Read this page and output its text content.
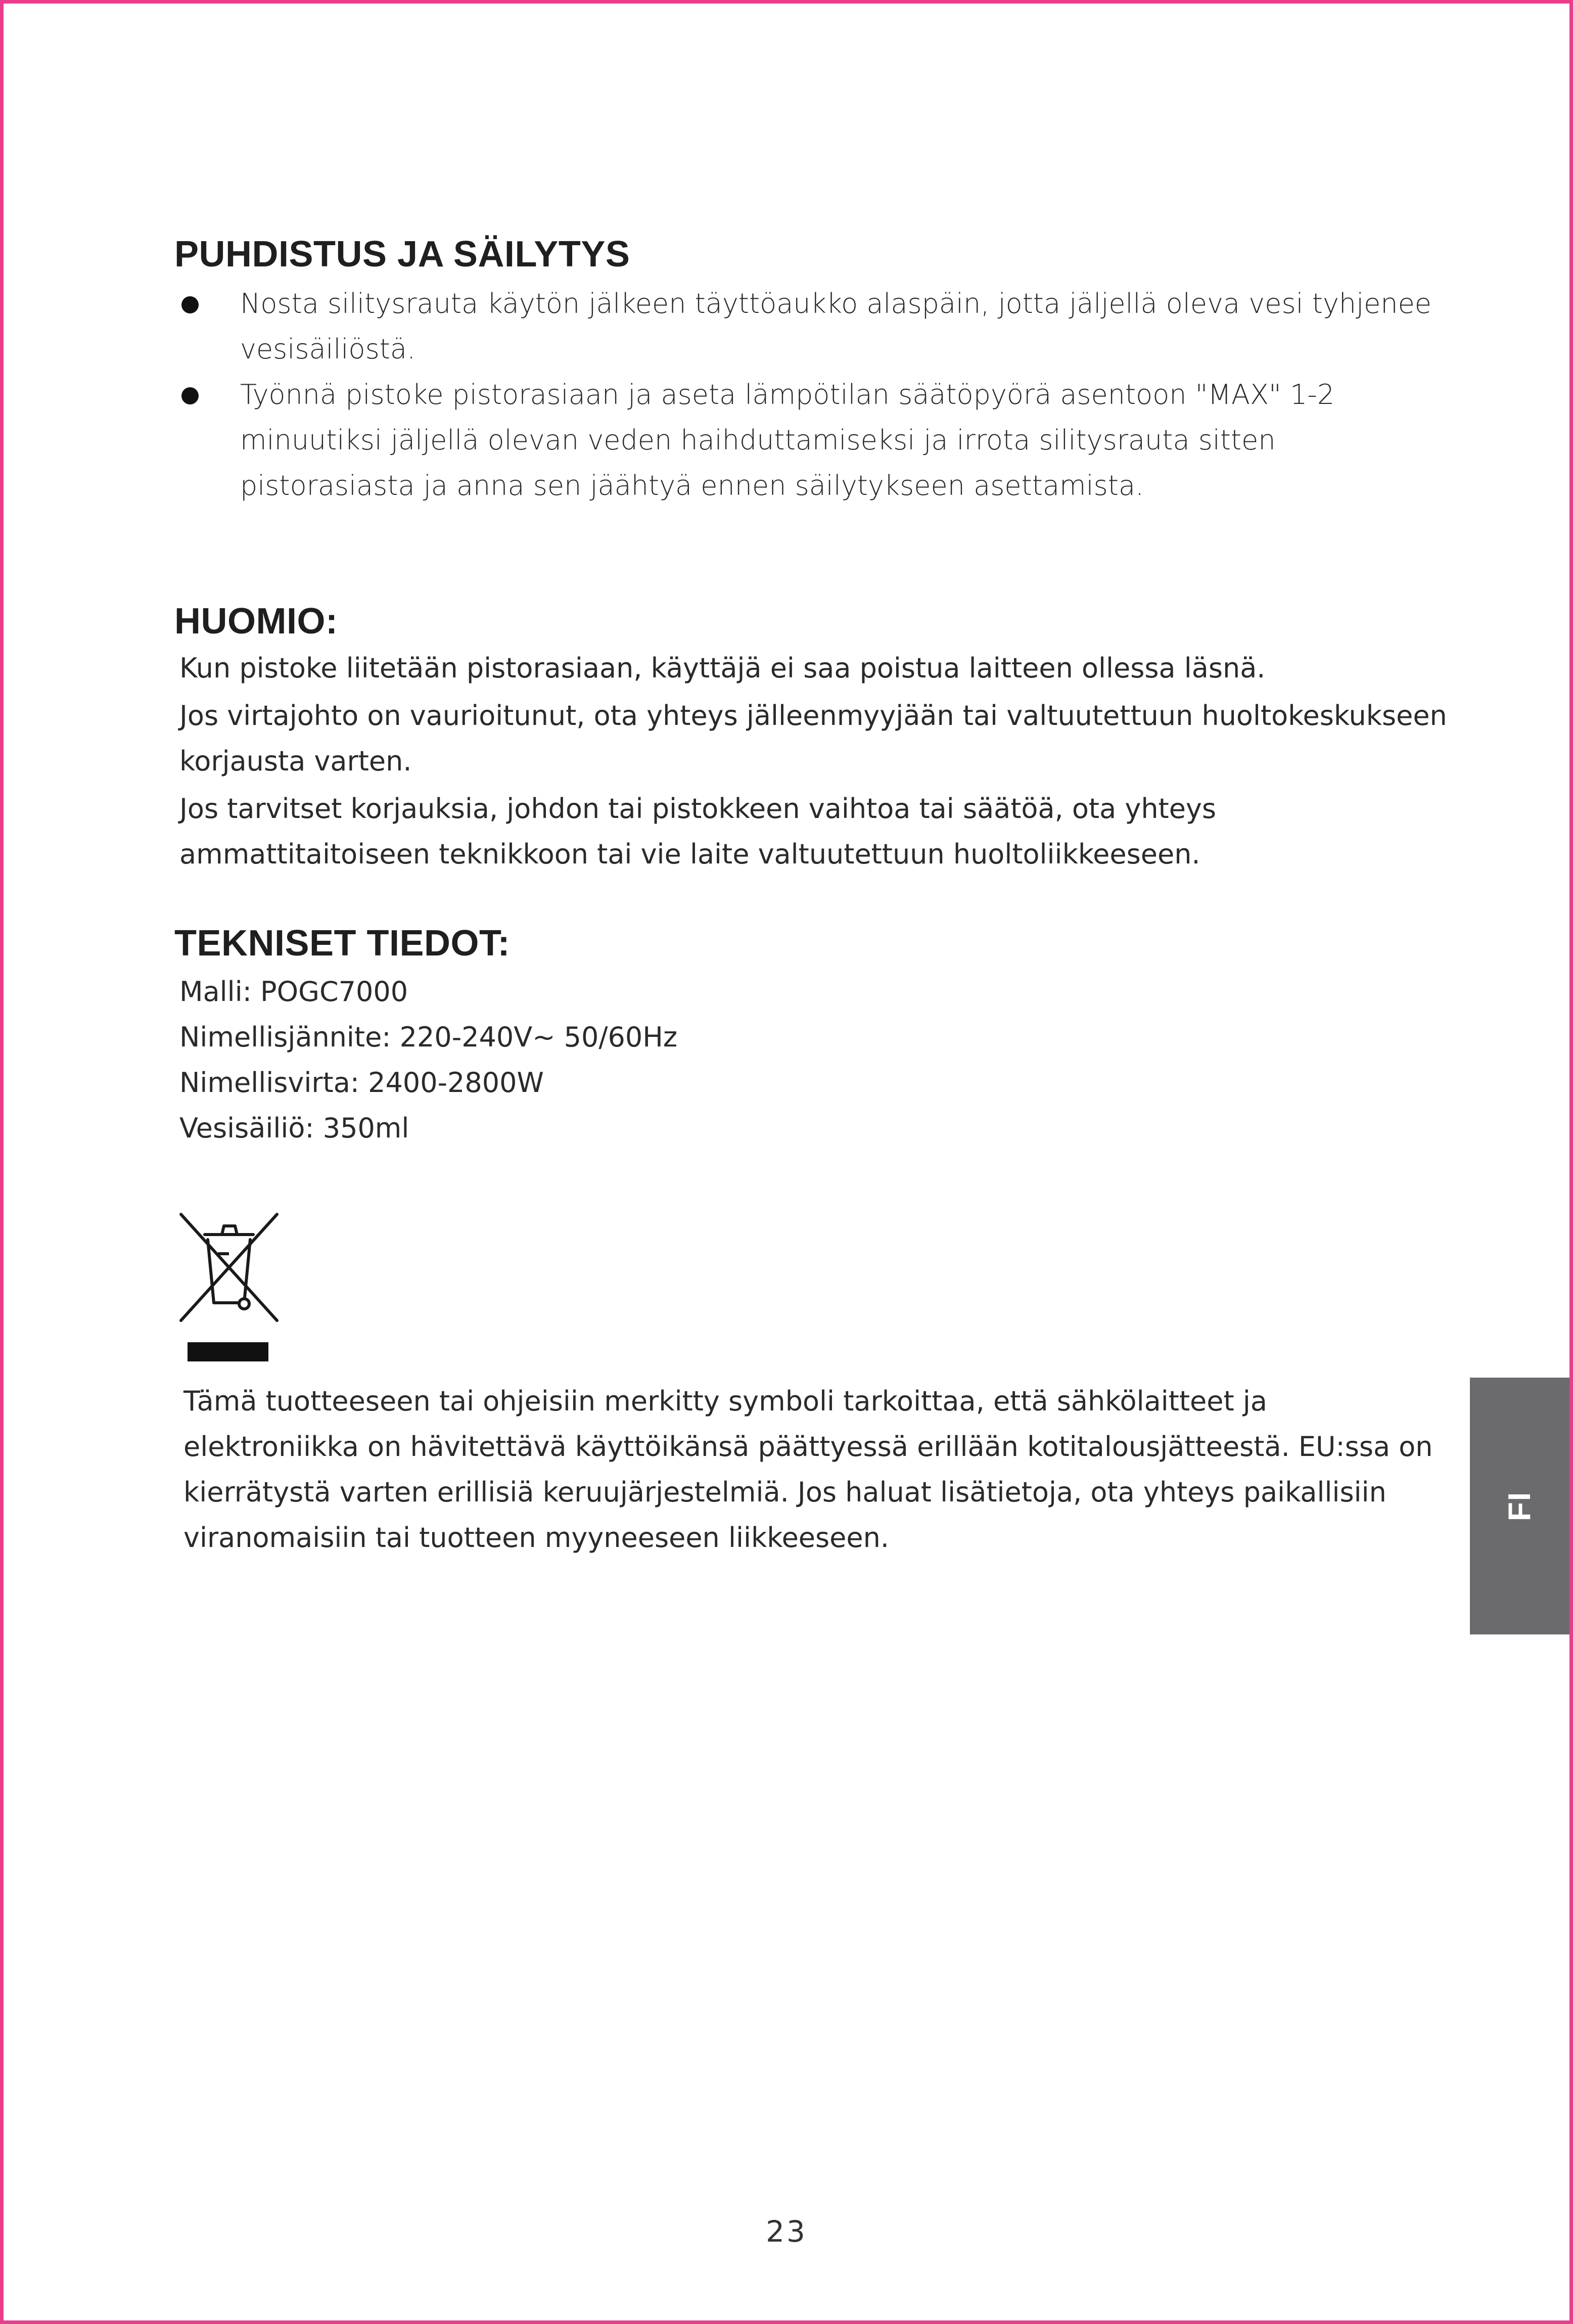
PUHDISTUS JA SÄILYTYS
Nosta silitysrauta käytön jälkeen täyttöaukko alaspäin, jotta jäljellä oleva vesi tyhjenee vesisäiliöstä.
Työnnä pistoke pistorasiaan ja aseta lämpötilan säätöpyörä asentoon "MAX" 1-2 minuutiksi jäljellä olevan veden haihduttamiseksi ja irrota silitysrauta sitten pistorasiasta ja anna sen jäähtyä ennen säilytykseen asettamista.
HUOMIO:

Kun pistoke liitetään pistorasiaan, käyttäjä ei saa poistua laitteen ollessa läsnä.

Jos virtajohto on vaurioitunut, ota yhteys jälleenmyyjään tai valtuutettuun huoltokeskukseen korjausta varten.

Jos tarvitset korjauksia, johdon tai pistokkeen vaihtoa tai säätöä, ota yhteys ammattitaitoiseen teknikkoon tai vie laite valtuutettuun huoltoliikkeeseen.

TEKNISET TIEDOT:

Malli: POGC7000

Nimellisjännite: 220-240V~ 50/60Hz

Nimellisvirta: 2400-2800W

Vesisäiliö: 350ml

Tämä tuotteeseen tai ohjeisiin merkitty symboli tarkoittaa, että sähkölaitteet ja elektroniikka on hävitettävä käyttöikänsä päättyessä erillään kotitalousjätteestä. EU:ssa on kierrätystä varten erillisiä keruujärjestelmiä. Jos haluat lisätietoja, ota yhteys paikallisiin viranomaisiin tai tuotteen myyneeseen liikkeeseen.

FI
23
